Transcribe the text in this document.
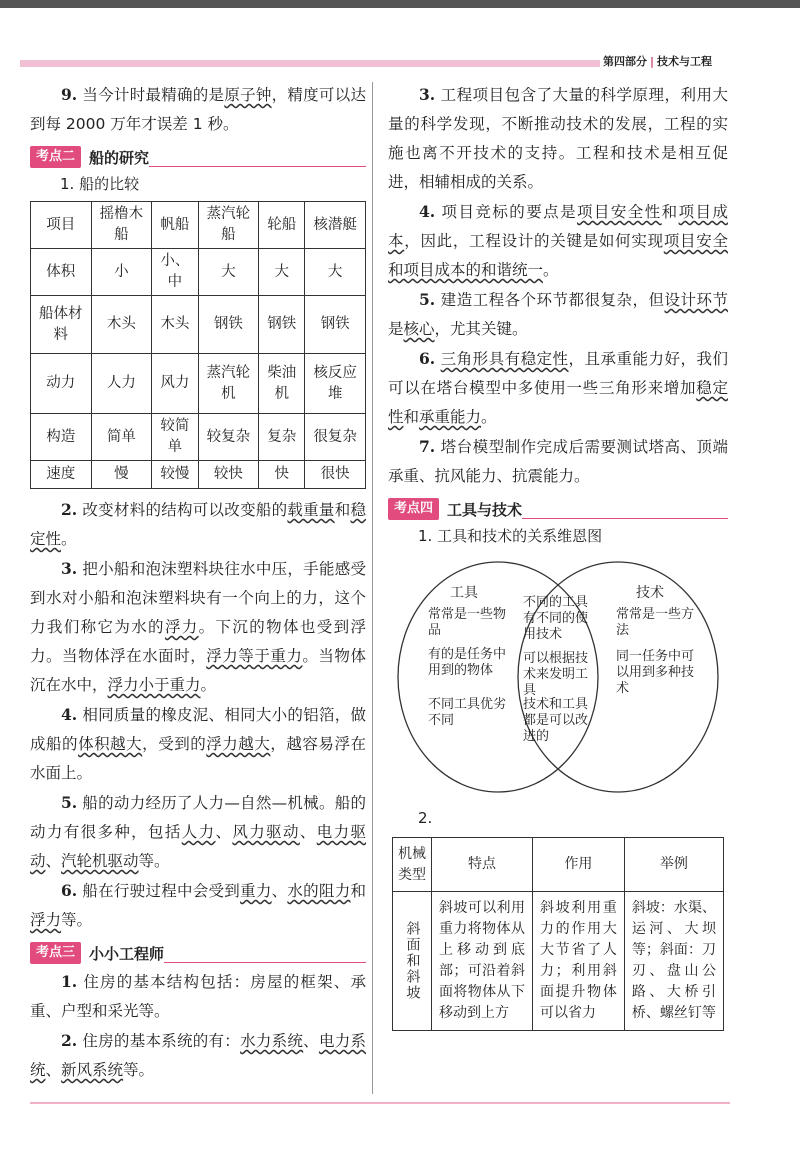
第四部分 | 技术与工程

9. 当今计时最精确的是原子钟，精度可以达到每 2000 万年才误差 1 秒。

考点二 船的研究
1. 船的比较
项目	摇橹木船	帆船	蒸汽轮船	轮船	核潜艇
体积	小	小、中	大	大	大
船体材料	木头	木头	钢铁	钢铁	钢铁
动力	人力	风力	蒸汽轮机	柴油机	核反应堆
构造	简单	较简单	较复杂	复杂	很复杂
速度	慢	较慢	较快	快	很快

2. 改变材料的结构可以改变船的载重量和稳定性。

3. 把小船和泡沫塑料块往水中压，手能感受到水对小船和泡沫塑料块有一个向上的力，这个力我们称它为水的浮力。下沉的物体也受到浮力。当物体浮在水面时，浮力等于重力。当物体沉在水中，浮力小于重力。

4. 相同质量的橡皮泥、相同大小的铝箔，做成船的体积越大，受到的浮力越大，越容易浮在水面上。

5. 船的动力经历了人力—自然—机械。船的动力有很多种，包括人力、风力驱动、电力驱动、汽轮机驱动等。

6. 船在行驶过程中会受到重力、水的阻力和浮力等。

考点三 小小工程师

1. 住房的基本结构包括：房屋的框架、承重、户型和采光等。

2. 住房的基本系统的有：水力系统、电力系统、新风系统等。

3. 工程项目包含了大量的科学原理，利用大量的科学发现，不断推动技术的发展，工程的实施也离不开技术的支持。工程和技术是相互促进，相辅相成的关系。

4. 项目竞标的要点是项目安全性和项目成本，因此，工程设计的关键是如何实现项目安全和项目成本的和谐统一。

5. 建造工程各个环节都很复杂，但设计环节是核心，尤其关键。

6. 三角形具有稳定性，且承重能力好，我们可以在塔台模型中多使用一些三角形来增加稳定性和承重能力。

7. 塔台模型制作完成后需要测试塔高、顶端承重、抗风能力、抗震能力。

考点四 工具与技术
1. 工具和技术的关系维恩图
工具
常常是一些物品
有的是任务中用到的物体
不同工具优劣不同
不同的工具有不同的使用技术
可以根据技术来发明工具
技术和工具都是可以改进的
技术
常常是一些方法
同一任务中可以用到多种技术
2.
机械类型	特点	作用	举例

斜面和斜坡	斜坡可以利用重力将物体从上移动到底部；可沿着斜面将物体从下移动到上方	斜坡利用重力的作用大大节省了人力；利用斜面提升物体可以省力	斜坡：水渠、运河、大坝等；斜面：刀刃、盘山公路、大桥引桥、螺丝钉等
